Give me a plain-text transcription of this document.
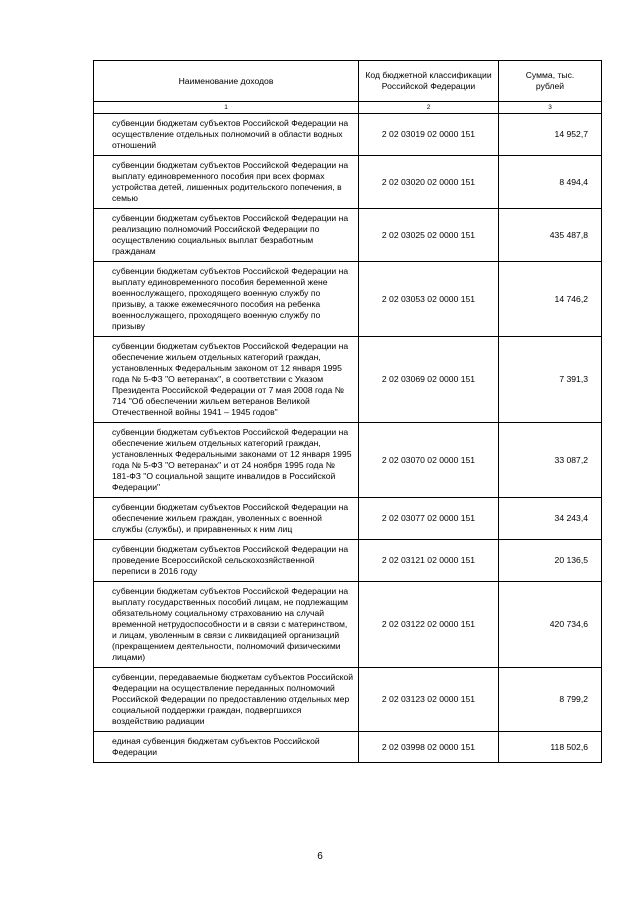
Наименование доходов	Код бюджетной классификации Российской Федерации	Сумма, тыс. рублей
1	2	3
субвенции бюджетам субъектов Российской Федерации на осуществление отдельных полномочий в области водных отношений	2 02 03019 02 0000 151	14 952,7
субвенции бюджетам субъектов Российской Федерации на выплату единовременного пособия при всех формах устройства детей, лишенных родительского попечения, в семью	2 02 03020 02 0000 151	8 494,4
субвенции бюджетам субъектов Российской Федерации на реализацию полномочий Российской Федерации по осуществлению социальных выплат безработным гражданам	2 02 03025 02 0000 151	435 487,8
субвенции бюджетам субъектов Российской Федерации на выплату единовременного пособия беременной жене военнослужащего, проходящего военную службу по призыву, а также ежемесячного пособия на ребенка военнослужащего, проходящего военную службу по призыву	2 02 03053 02 0000 151	14 746,2
субвенции бюджетам субъектов Российской Федерации на обеспечение жильем отдельных категорий граждан, установленных Федеральным законом от 12 января 1995 года № 5-ФЗ "О ветеранах", в соответствии с Указом Президента Российской Федерации от 7 мая 2008 года № 714 "Об обеспечении жильем ветеранов Великой Отечественной войны 1941 – 1945 годов"	2 02 03069 02 0000 151	7 391,3
субвенции бюджетам субъектов Российской Федерации на обеспечение жильем отдельных категорий граждан, установленных Федеральными законами от 12 января 1995 года № 5-ФЗ "О ветеранах" и от 24 ноября 1995 года № 181-ФЗ "О социальной защите инвалидов в Российской Федерации"	2 02 03070 02 0000 151	33 087,2
субвенции бюджетам субъектов Российской Федерации на обеспечение жильем граждан, уволенных с военной службы (службы), и приравненных к ним лиц	2 02 03077 02 0000 151	34 243,4
субвенции бюджетам субъектов Российской Федерации на проведение Всероссийской сельскохозяйственной переписи в 2016 году	2 02 03121 02 0000 151	20 136,5
субвенции бюджетам субъектов Российской Федерации на выплату государственных пособий лицам, не подлежащим обязательному социальному страхованию на случай временной нетрудоспособности и в связи с материнством, и лицам, уволенным в связи с ликвидацией организаций (прекращением деятельности, полномочий физическими лицами)	2 02 03122 02 0000 151	420 734,6
субвенции, передаваемые бюджетам субъектов Российской Федерации на осуществление переданных полномочий Российской Федерации по предоставлению отдельных мер социальной поддержки граждан, подвергшихся воздействию радиации	2 02 03123 02 0000 151	8 799,2
единая субвенция бюджетам субъектов Российской Федерации	2 02 03998 02 0000 151	118 502,6
6
